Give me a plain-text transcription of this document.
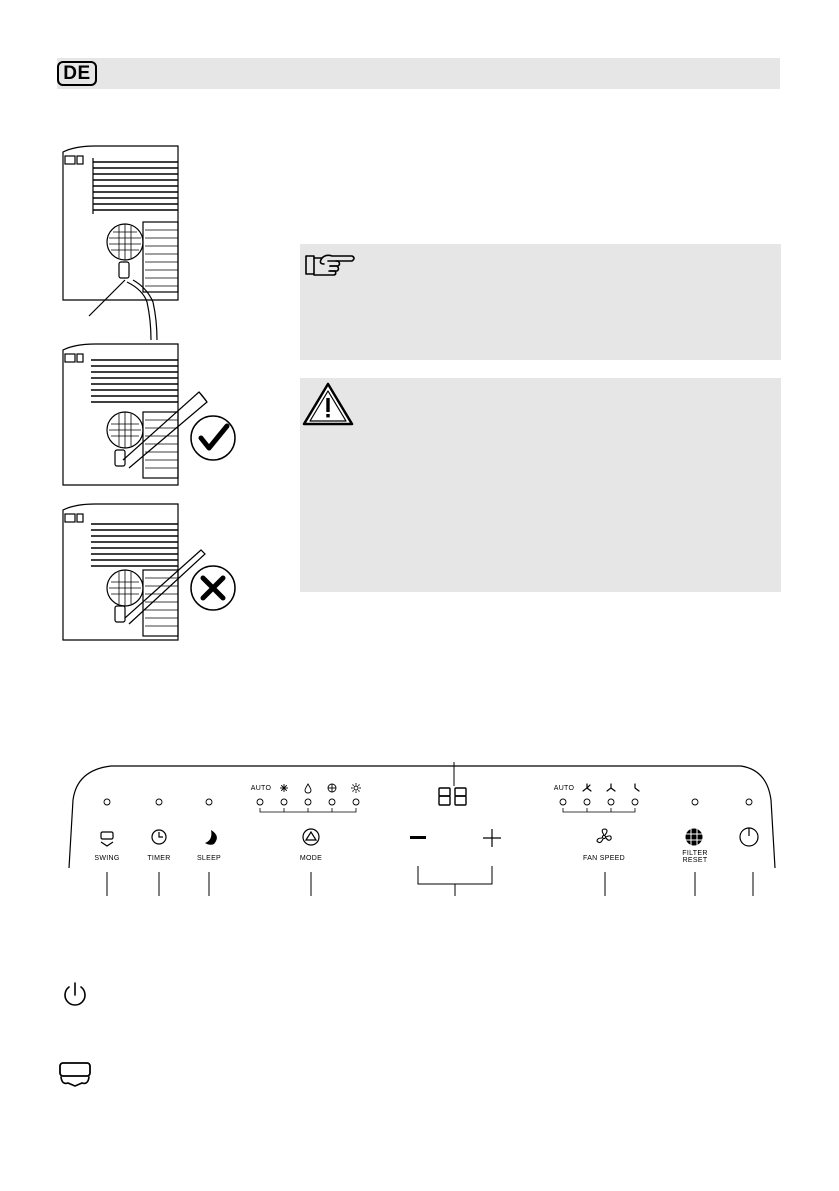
DE
AUTO	AUTO
SWING	TIMER	SLEEP	MODE	FAN SPEED
FILTER
RESET
